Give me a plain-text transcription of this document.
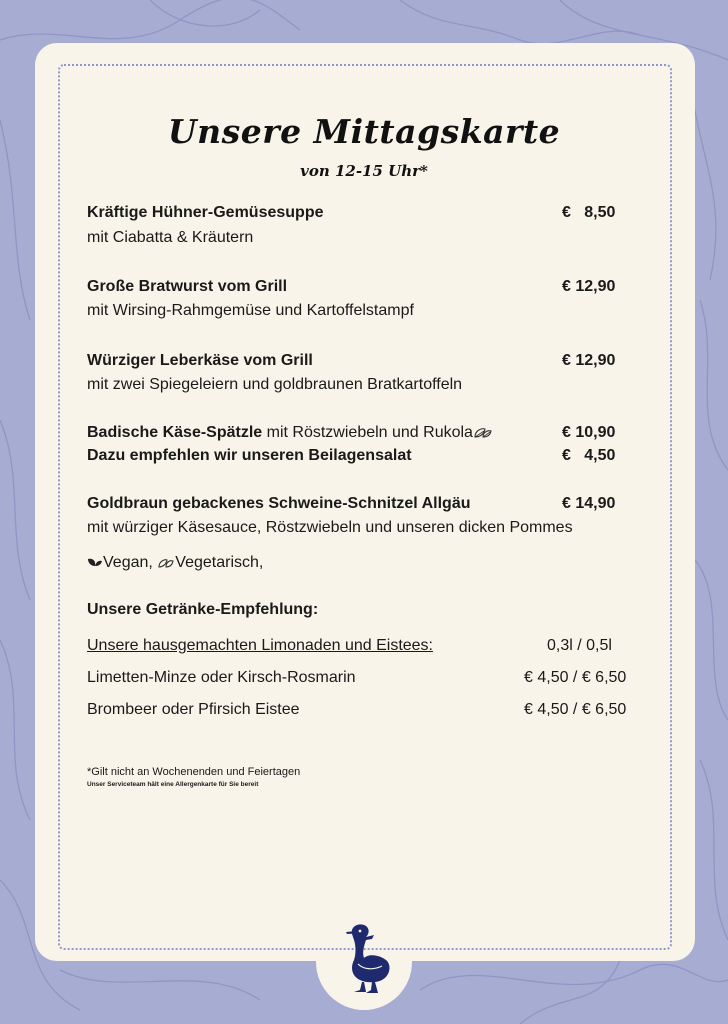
Unsere Mittagskarte
von 12-15 Uhr*
Kräftige Hühner-Gemüsesuppe	€   8,50
mit Ciabatta & Kräutern
Große Bratwurst vom Grill	€ 12,90
mit Wirsing-Rahmgemüse und Kartoffelstampf
Würziger Leberkäse vom Grill	€ 12,90
mit zwei Spiegeleiern und goldbraunen Bratkartoffeln
Badische Käse-Spätzle mit Röstzwiebeln und Rukola	€ 10,90
Dazu empfehlen wir unseren Beilagensalat	€   4,50
Goldbraun gebackenes Schweine-Schnitzel Allgäu	€ 14,90
mit würziger Käsesauce, Röstzwiebeln und unseren dicken Pommes
Vegan, Vegetarisch,
Unsere Getränke-Empfehlung:
Unsere hausgemachten Limonaden und Eistees:	0,3l / 0,5l
Limetten-Minze oder Kirsch-Rosmarin	€ 4,50 / € 6,50
Brombeer oder Pfirsich Eistee	€ 4,50 / € 6,50
*Gilt nicht an Wochenenden und Feiertagen
Unser Serviceteam hält eine Allergenkarte für Sie bereit
